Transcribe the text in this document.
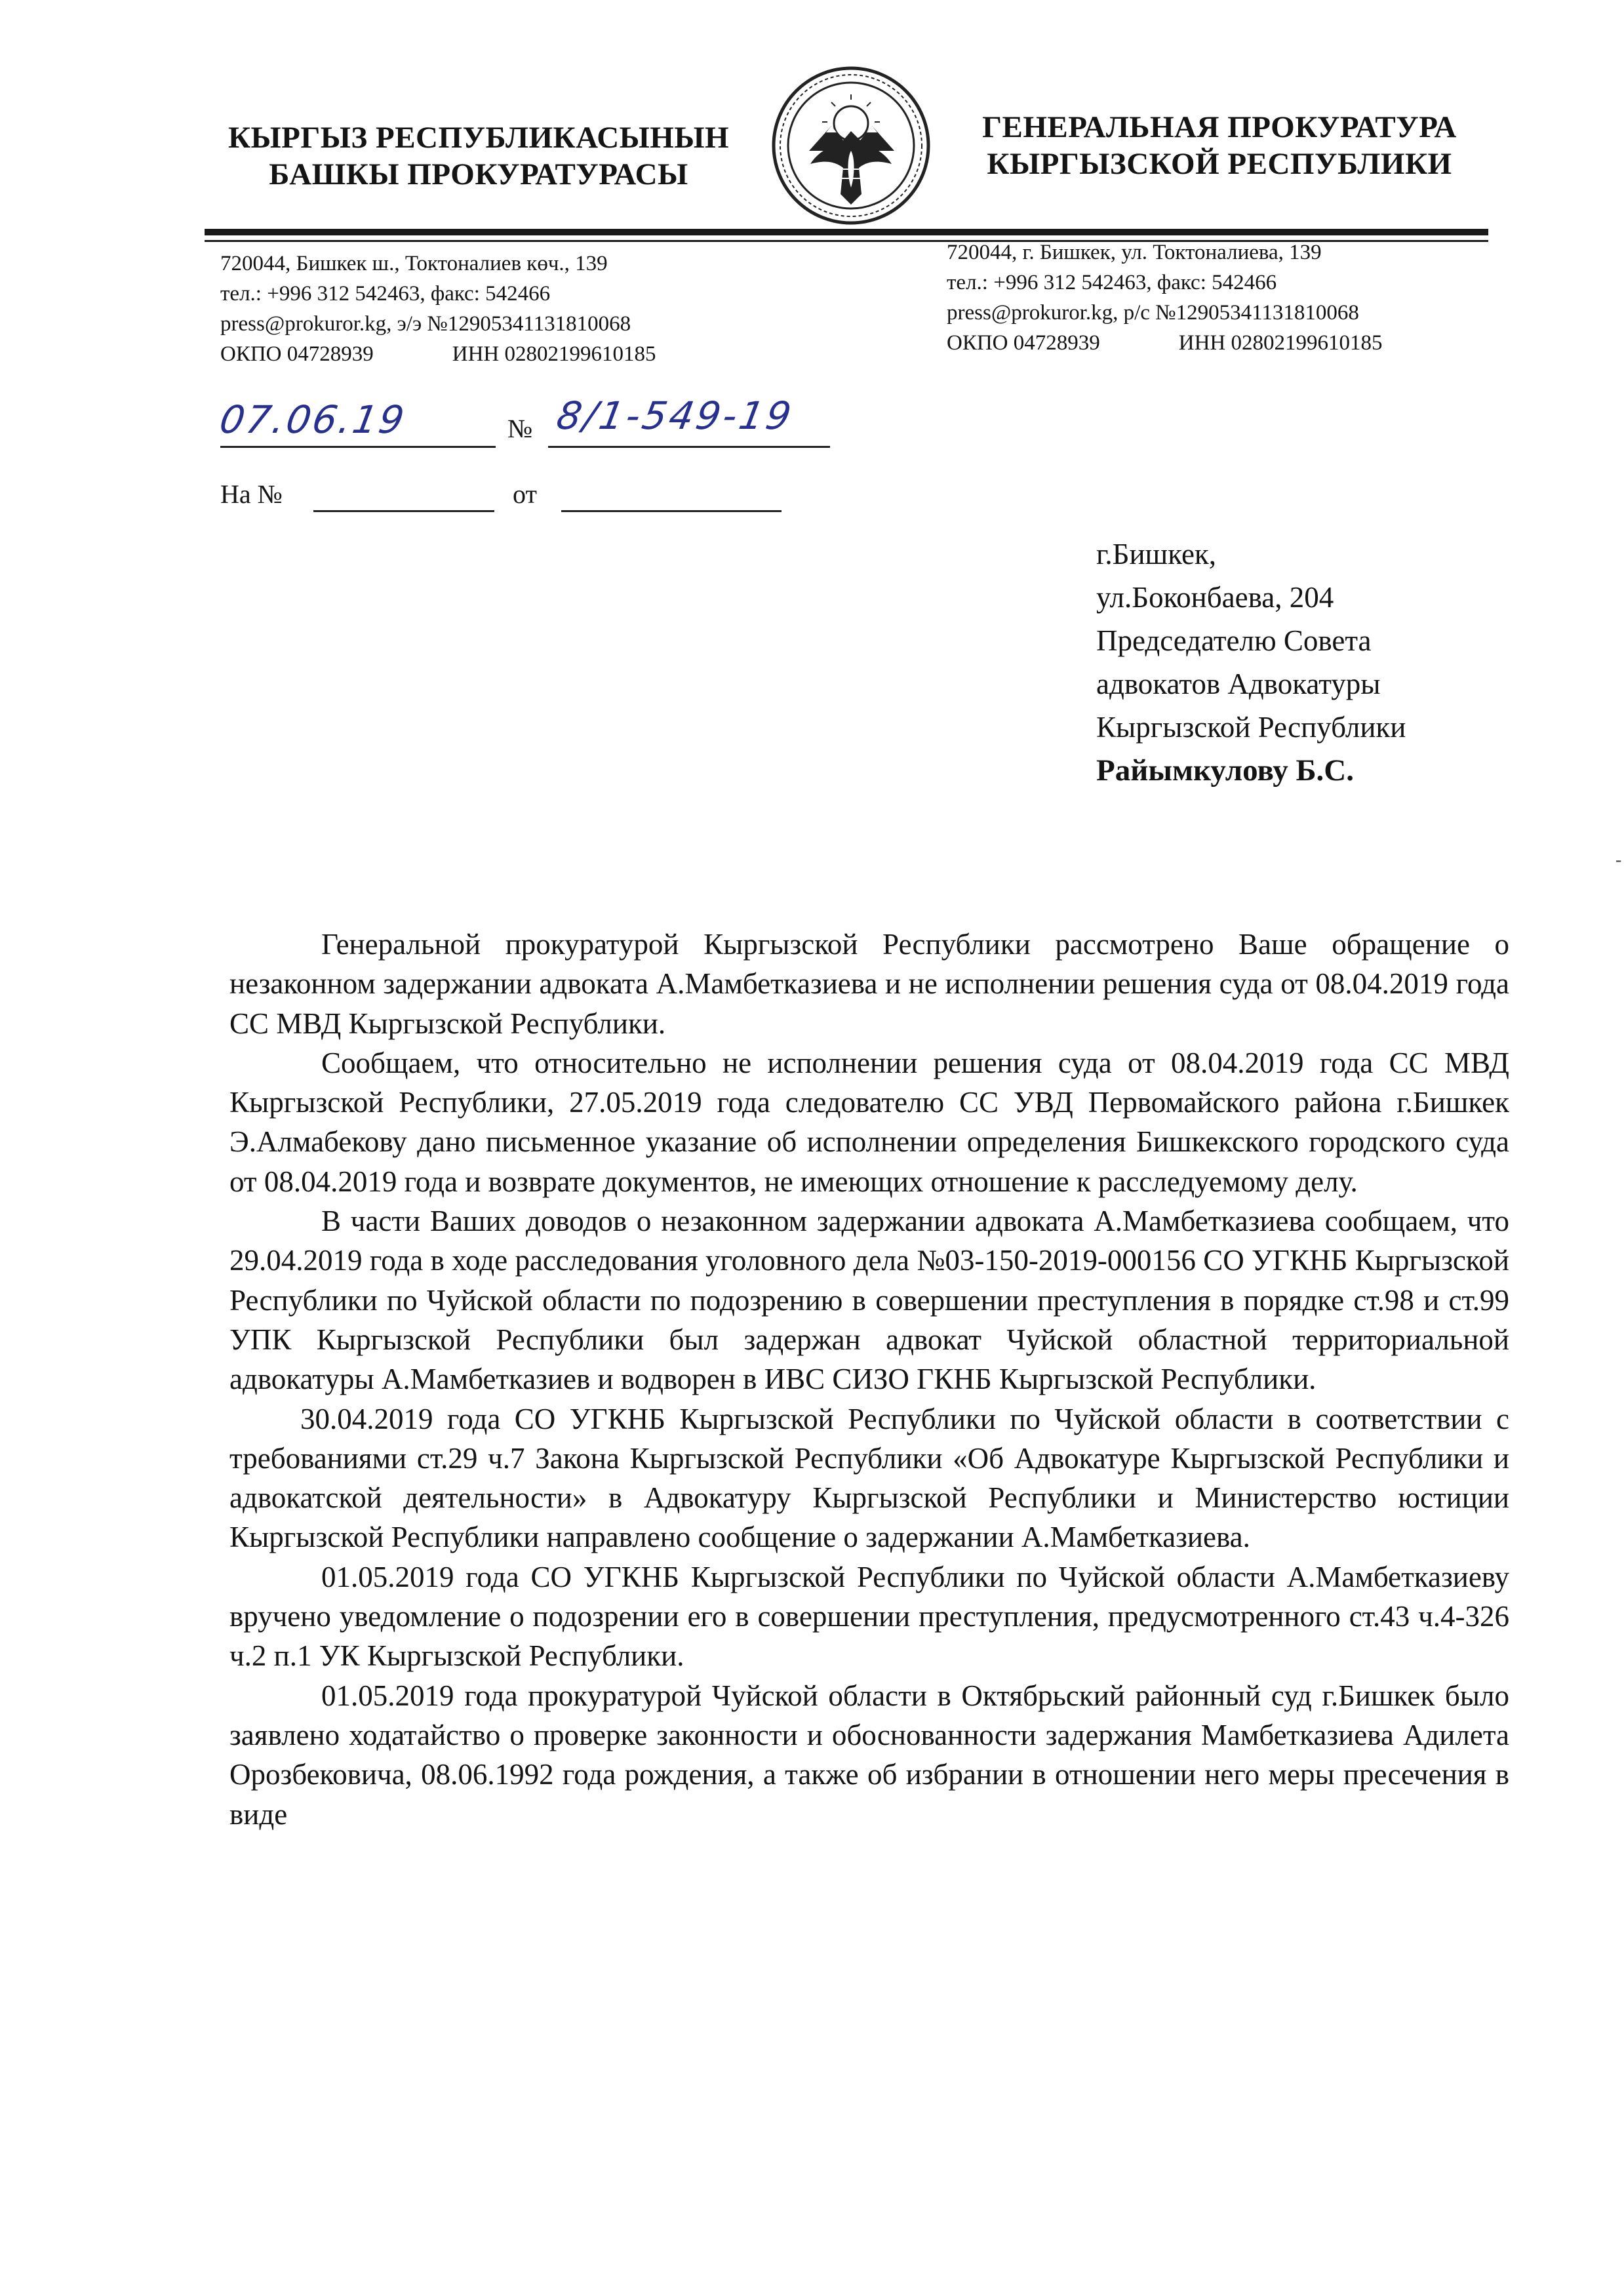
КЫРГЫЗ РЕСПУБЛИКАСЫНЫН
БАШКЫ ПРОКУРАТУРАСЫ
ГЕНЕРАЛЬНАЯ ПРОКУРАТУРА
КЫРГЫЗСКОЙ РЕСПУБЛИКИ
720044, Бишкек ш., Токтоналиев көч., 139
тел.: +996 312 542463, факс: 542466
press@prokuror.kg, э/э №12905341131810068
ОКПО 04728939	ИНН 02802199610185
720044, г. Бишкек, ул. Токтоналиева, 139
тел.: +996 312 542463, факс: 542466
press@prokuror.kg, р/с №12905341131810068
ОКПО 04728939	ИНН 02802199610185
07.06.19	№ 8/1-549-19
На №	от
г.Бишкек,
ул.Боконбаева, 204
Председателю Совета
адвокатов Адвокатуры
Кыргызской Республики
Райымкулову Б.С.
-

Генеральной прокуратурой Кыргызской Республики рассмотрено Ваше обращение о незаконном задержании адвоката А.Мамбетказиева и не исполнении решения суда от 08.04.2019 года СС МВД Кыргызской Республики.

Сообщаем, что относительно не исполнении решения суда от 08.04.2019 года СС МВД Кыргызской Республики, 27.05.2019 года следователю СС УВД Первомайского района г.Бишкек Э.Алмабекову дано письменное указание об исполнении определения Бишкекского городского суда от 08.04.2019 года и возврате документов, не имеющих отношение к расследуемому делу.

В части Ваших доводов о незаконном задержании адвоката А.Мамбетказиева сообщаем, что 29.04.2019 года в ходе расследования уголовного дела №03-150-2019-000156 СО УГКНБ Кыргызской Республики по Чуйской области по подозрению в совершении преступления в порядке ст.98 и ст.99 УПК Кыргызской Республики был задержан адвокат Чуйской областной территориальной адвокатуры А.Мамбетказиев и водворен в ИВС СИЗО ГКНБ Кыргызской Республики.

30.04.2019 года СО УГКНБ Кыргызской Республики по Чуйской области в соответствии с требованиями ст.29 ч.7 Закона Кыргызской Республики «Об Адвокатуре Кыргызской Республики и адвокатской деятельности» в Адвокатуру Кыргызской Республики и Министерство юстиции Кыргызской Республики направлено сообщение о задержании А.Мамбетказиева.

01.05.2019 года СО УГКНБ Кыргызской Республики по Чуйской области А.Мамбетказиеву вручено уведомление о подозрении его в совершении преступления, предусмотренного ст.43 ч.4-326 ч.2 п.1 УК Кыргызской Республики.

01.05.2019 года прокуратурой Чуйской области в Октябрьский районный суд г.Бишкек было заявлено ходатайство о проверке законности и обоснованности задержания Мамбетказиева Адилета Орозбековича, 08.06.1992 года рождения, а также об избрании в отношении него меры пресечения в виде
